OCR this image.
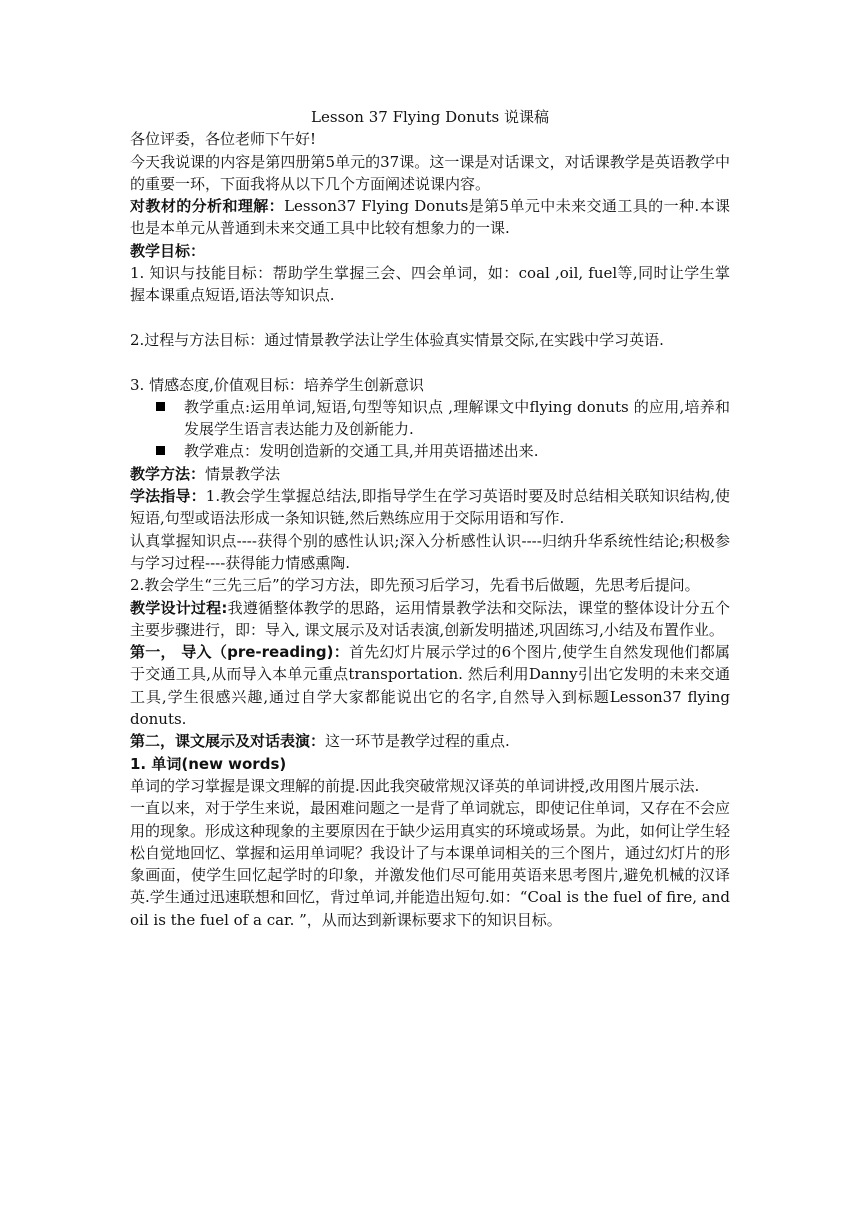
Lesson 37 Flying Donuts 说课稿

各位评委，各位老师下午好!

今天我说课的内容是第四册第5单元的37课。这一课是对话课文，对话课教学是英语教学中的重要一环，下面我将从以下几个方面阐述说课内容。

对教材的分析和理解：Lesson37 Flying Donuts是第5单元中未来交通工具的一种.本课也是本单元从普通到未来交通工具中比较有想象力的一课.

教学目标：

1. 知识与技能目标：帮助学生掌握三会、四会单词，如：coal ,oil, fuel等,同时让学生掌握本课重点短语,语法等知识点.

2.过程与方法目标：通过情景教学法让学生体验真实情景交际,在实践中学习英语.

3. 情感态度,价值观目标：培养学生创新意识

教学重点:运用单词,短语,句型等知识点 ,理解课文中flying donuts 的应用,培养和发展学生语言表达能力及创新能力.
教学难点：发明创造新的交通工具,并用英语描述出来.

教学方法：情景教学法

学法指导：1.教会学生掌握总结法,即指导学生在学习英语时要及时总结相关联知识结构,使短语,句型或语法形成一条知识链,然后熟练应用于交际用语和写作.

认真掌握知识点----获得个别的感性认识;深入分析感性认识----归纳升华系统性结论;积极参与学习过程----获得能力情感熏陶.

2.教会学生“三先三后”的学习方法，即先预习后学习，先看书后做题，先思考后提问。

教学设计过程:我遵循整体教学的思路，运用情景教学法和交际法，课堂的整体设计分五个主要步骤进行，即：导入, 课文展示及对话表演,创新发明描述,巩固练习,小结及布置作业。

第一， 导入（pre-reading)：首先幻灯片展示学过的6个图片,使学生自然发现他们都属于交通工具,从而导入本单元重点transportation. 然后利用Danny引出它发明的未来交通工具,学生很感兴趣,通过自学大家都能说出它的名字,自然导入到标题Lesson37 flying donuts.

第二，课文展示及对话表演：这一环节是教学过程的重点.

1. 单词(new words)

单词的学习掌握是课文理解的前提.因此我突破常规汉译英的单词讲授,改用图片展示法.

一直以来，对于学生来说，最困难问题之一是背了单词就忘，即使记住单词，又存在不会应用的现象。形成这种现象的主要原因在于缺少运用真实的环境或场景。为此，如何让学生轻松自觉地回忆、掌握和运用单词呢？我设计了与本课单词相关的三个图片，通过幻灯片的形象画面，使学生回忆起学时的印象，并激发他们尽可能用英语来思考图片,避免机械的汉译英.学生通过迅速联想和回忆，背过单词,并能造出短句.如：“Coal is the fuel of fire, and oil is the fuel of a car. ”，从而达到新课标要求下的知识目标。
